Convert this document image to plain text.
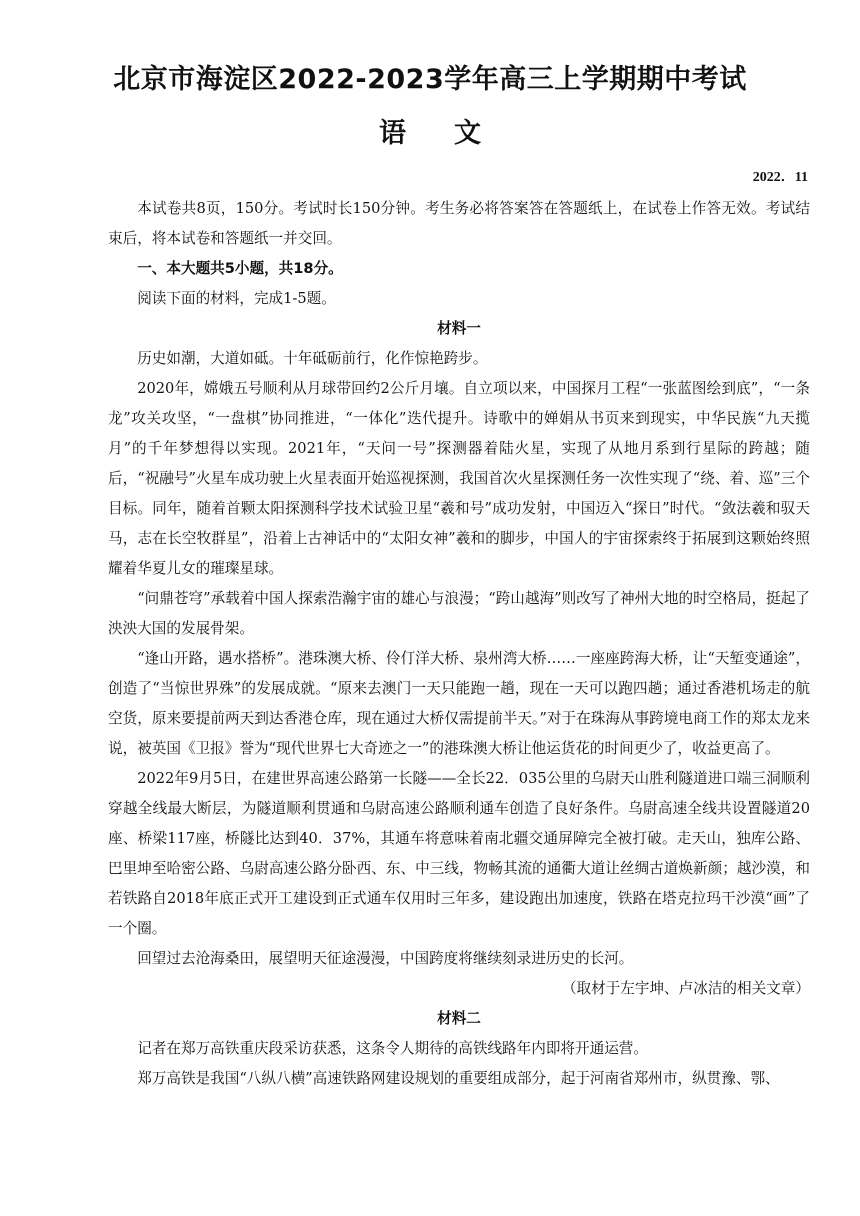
北京市海淀区2022-2023学年高三上学期期中考试
语文
2022．11

本试卷共8页，150分。考试时长150分钟。考生务必将答案答在答题纸上，在试卷上作答无效。考试结束后，将本试卷和答题纸一并交回。

一、本大题共5小题，共18分。

阅读下面的材料，完成1-5题。

材料一

历史如潮，大道如砥。十年砥砺前行，化作惊艳跨步。

2020年，嫦娥五号顺利从月球带回约2公斤月壤。自立项以来，中国探月工程“一张蓝图绘到底”，“一条龙”攻关攻坚，“一盘棋”协同推进，“一体化”迭代提升。诗歌中的婵娟从书页来到现实，中华民族“九天揽月”的千年梦想得以实现。2021年，“天问一号”探测器着陆火星，实现了从地月系到行星际的跨越；随后，“祝融号”火星车成功驶上火星表面开始巡视探测，我国首次火星探测任务一次性实现了“绕、着、巡”三个目标。同年，随着首颗太阳探测科学技术试验卫星“羲和号”成功发射，中国迈入“探日”时代。“敛法羲和驭天马，志在长空牧群星”，沿着上古神话中的“太阳女神”羲和的脚步，中国人的宇宙探索终于拓展到这颗始终照耀着华夏儿女的璀璨星球。

“问鼎苍穹”承载着中国人探索浩瀚宇宙的雄心与浪漫；“跨山越海”则改写了神州大地的时空格局，挺起了泱泱大国的发展骨架。

“逢山开路，遇水搭桥”。港珠澳大桥、伶仃洋大桥、泉州湾大桥……一座座跨海大桥，让“天堑变通途”，创造了“当惊世界殊”的发展成就。“原来去澳门一天只能跑一趟，现在一天可以跑四趟；通过香港机场走的航空货，原来要提前两天到达香港仓库，现在通过大桥仅需提前半天。”对于在珠海从事跨境电商工作的郑太龙来说，被英国《卫报》誉为“现代世界七大奇迹之一”的港珠澳大桥让他运货花的时间更少了，收益更高了。

2022年9月5日，在建世界高速公路第一长隧——全长22．035公里的乌尉天山胜利隧道进口端三洞顺利穿越全线最大断层，为隧道顺利贯通和乌尉高速公路顺利通车创造了良好条件。乌尉高速全线共设置隧道20座、桥梁117座，桥隧比达到40．37%，其通车将意味着南北疆交通屏障完全被打破。走天山，独库公路、巴里坤至哈密公路、乌尉高速公路分卧西、东、中三线，物畅其流的通衢大道让丝绸古道焕新颜；越沙漠，和若铁路自2018年底正式开工建设到正式通车仅用时三年多，建设跑出加速度，铁路在塔克拉玛干沙漠“画”了一个圈。

回望过去沧海桑田，展望明天征途漫漫，中国跨度将继续刻录进历史的长河。

（取材于左宇坤、卢冰洁的相关文章）

材料二

记者在郑万高铁重庆段采访获悉，这条令人期待的高铁线路年内即将开通运营。

郑万高铁是我国“八纵八横”高速铁路网建设规划的重要组成部分，起于河南省郑州市，纵贯豫、鄂、
